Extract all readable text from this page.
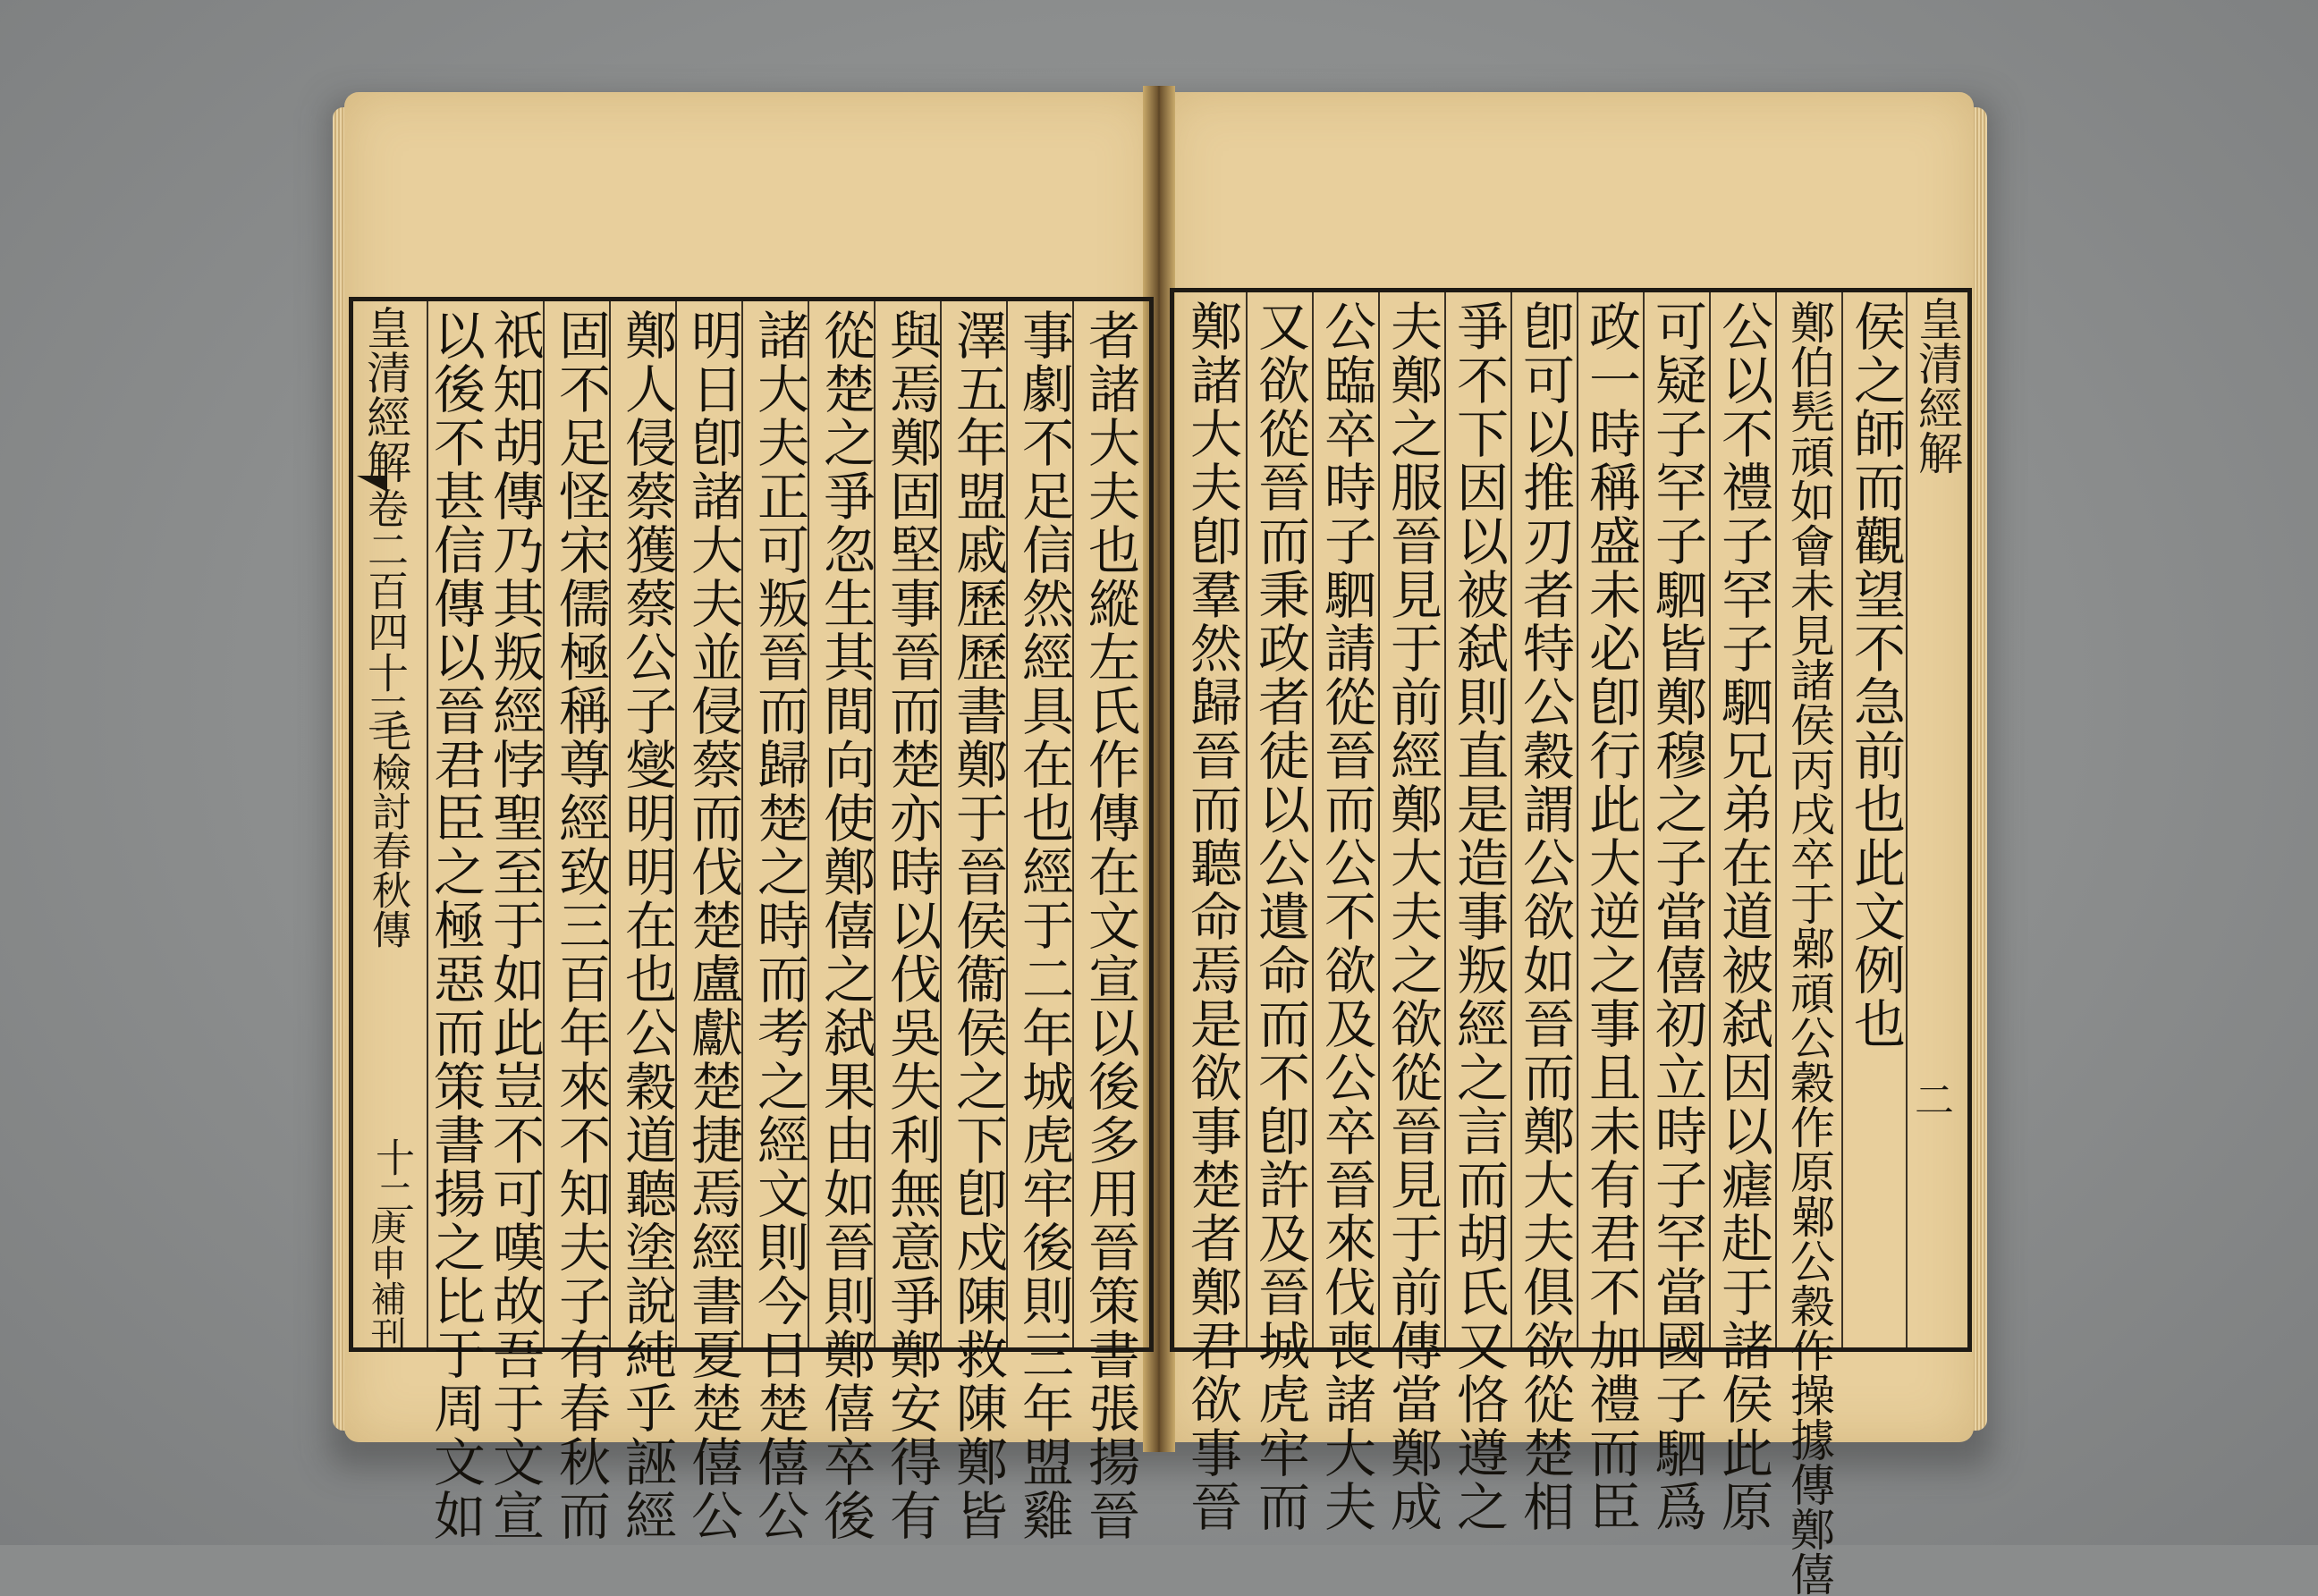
皇清經解
卷二百四十三
毛檢討春秋傳
十二
庚申補刊	者諸大夫也縱左氏作傳在文宣以後多用晉策書張揚晉
事劇不足信然經具在也經于二年城虎牢後則三年盟雞
澤五年盟戚歷歷書鄭于晉侯衞侯之下卽戍陳救陳鄭皆
與焉鄭固堅事晉而楚亦時以伐吳失利無意爭鄭安得有
從楚之爭忽生其間向使鄭僖之弑果由如晉則鄭僖卒後
諸大夫正可叛晉而歸楚之時而考之經文則今日楚僖公
明日卽諸大夫並侵蔡而伐楚盧獻楚捷焉經書夏楚僖公
鄭人侵蔡獲蔡公子燮明明在也公穀道聽塗說純乎誣經
固不足怪宋儒極稱尊經致三百年來不知夫子有春秋而
祇知胡傳乃其叛經悖聖至于如此豈不可嘆故吾于文宣
以後不甚信傳以晉君臣之極惡而策書揚之比于周文如	鄭諸大夫卽羣然歸晉而聽命焉是欲事楚者鄭君欲事晉 又欲從晉而秉政者徒以公遺命而不卽許及晉城虎牢而 公臨卒時子駟請從晉而公不欲及公卒晉來伐喪諸大夫 夫鄭之服晉見于前經鄭大夫之欲從晉見于前傳當鄭成 爭不下因以被弑則直是造事叛經之言而胡氏又恪遵之 卽可以推刃者特公穀謂公欲如晉而鄭大夫俱欲從楚相 政一時稱盛未必卽行此大逆之事且未有君不加禮而臣 可疑子罕子駟皆鄭穆之子當僖初立時子罕當國子駟爲 公以不禮子罕子駟兄弟在道被弑因以瘧赴于諸侯此原 鄭伯髡頑如會未見諸侯丙戌卒于鄵頑公穀作原鄵公穀作操據傳鄭僖 侯之師而觀望不急前也此文例也 皇清經解
二
